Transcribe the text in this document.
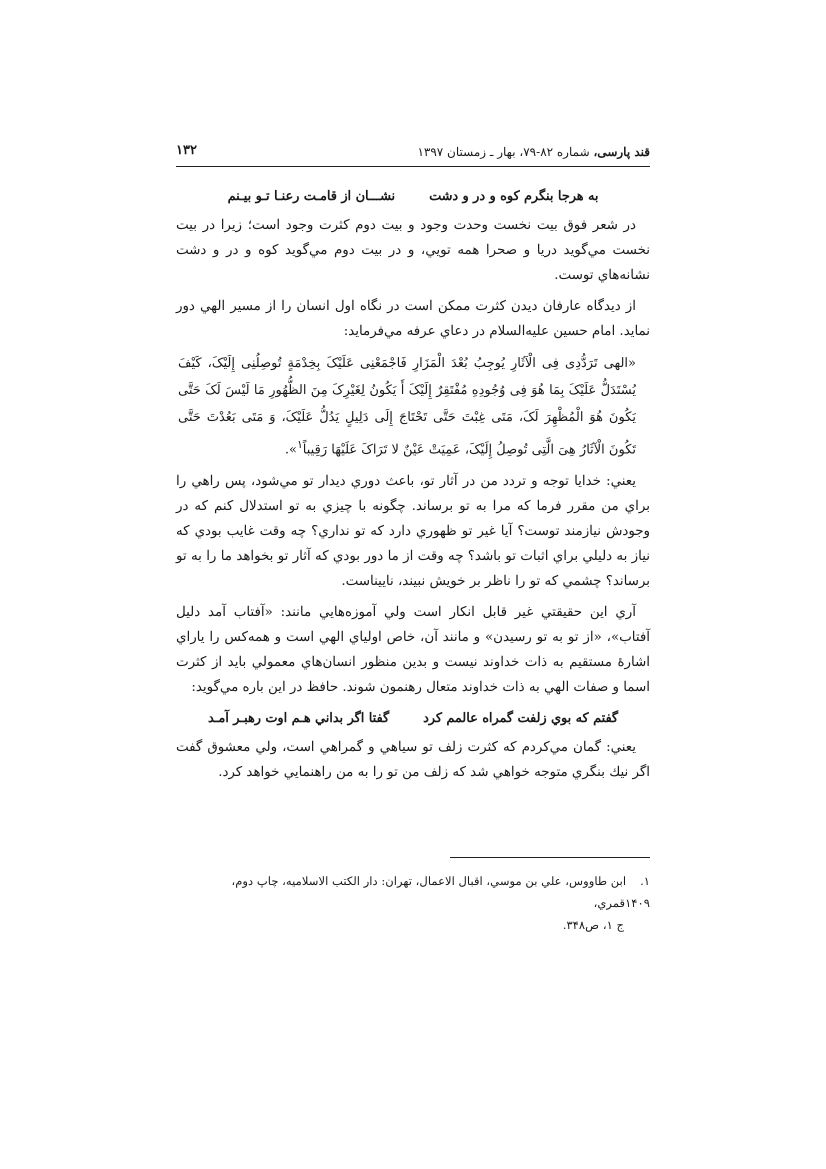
قند پارسی، شماره ۸۲-۷۹، بهار ـ زمستان ۱۳۹۷
۱۳۲
به هرجا بنگرم کوه و در و دشت
نشـــان از قامـت رعنـا تـو بيـنم

در شعر فوق بيت نخست وحدت وجود و بيت دوم كثرت وجود است؛ زيرا در بيت نخست مي‌گويد دريا و صحرا همه تويي، و در بيت دوم مي‌گويد كوه و در و دشت نشانه‌هاي توست.

از ديدگاه عارفان ديدن كثرت ممكن است در نگاه اول انسان را از مسير الهي دور نمايد. امام حسين عليه‌السلام در دعاي عرفه مي‌فرمايد:

«الهی تَرَدُّدِی فِی الْآثَارِ یُوجِبُ بُعْدَ الْمَزَارِ فَاجْمَعْنِی عَلَیْکَ بِخِدْمَةٍ تُوصِلُنِی إِلَیْکَ، کَیْفَ یُسْتَدَلُّ عَلَیْکَ بِمَا هُوَ فِی وُجُودِهِ مُفْتَقِرٌ إِلَیْکَ أَ یَکُونُ لِغَیْرِکَ مِنَ الظُّهُورِ مَا لَیْسَ لَکَ حَتَّی یَکُونَ هُوَ الْمُظْهِرَ لَکَ، مَتَی غِبْتَ حَتَّی تَحْتَاجَ إِلَی دَلِیلٍ یَدُلُّ عَلَیْکَ، وَ مَتَی بَعُدْتَ حَتَّی تَکُونَ الْآثَارُ هِیَ الَّتِی تُوصِلُ إِلَیْکَ، عَمِیَتْ عَیْنٌ لا تَرَاکَ عَلَیْهَا رَقِیباً$^۱$».

يعني: خدايا توجه و تردد من در آثار تو، باعث دوري ديدار تو مي‌شود، پس راهي را براي من مقرر فرما كه مرا به تو برساند. چگونه با چيزي به تو استدلال كنم كه در وجودش نيازمند توست؟ آيا غير تو ظهوري دارد كه تو نداري؟ چه وقت غايب بودي كه نياز به دليلي براي اثبات تو باشد؟ چه وقت از ما دور بودي كه آثار تو بخواهد ما را به تو برساند؟ چشمي كه تو را ناظر بر خويش نبيند، ناييناست.

آري اين حقيقتي غير قابل انكار است ولي آموزه‌هايي مانند: «آفتاب آمد دليل آفتاب»، «از تو به تو رسيدن» و مانند آن، خاص اولياي الهي است و همه‌كس را ياراي اشارهٔ مستقيم به ذات خداوند نيست و بدين منظور انسان‌هاي معمولي بايد از كثرت اسما و صفات الهي به ذات خداوند متعال رهنمون شوند. حافظ در اين باره مي‌گويد:

گفتم كه بوي زلفت گمراه عالمم كرد
گفتا اگر بداني هـم اوت رهبـر آمـد

يعني: گمان مي‌كردم كه كثرت زلف تو سياهي و گمراهي است، ولي معشوق گفت اگر نيك بنگري متوجه خواهي شد كه زلف من تو را به من راهنمايي خواهد كرد.

۱.ابن طاووس، علي بن موسي، اقبال الاعمال، تهران: دار الكتب الاسلاميه، چاپ دوم، ۱۴۰۹قمري،
ج ۱، ص۳۴۸.
